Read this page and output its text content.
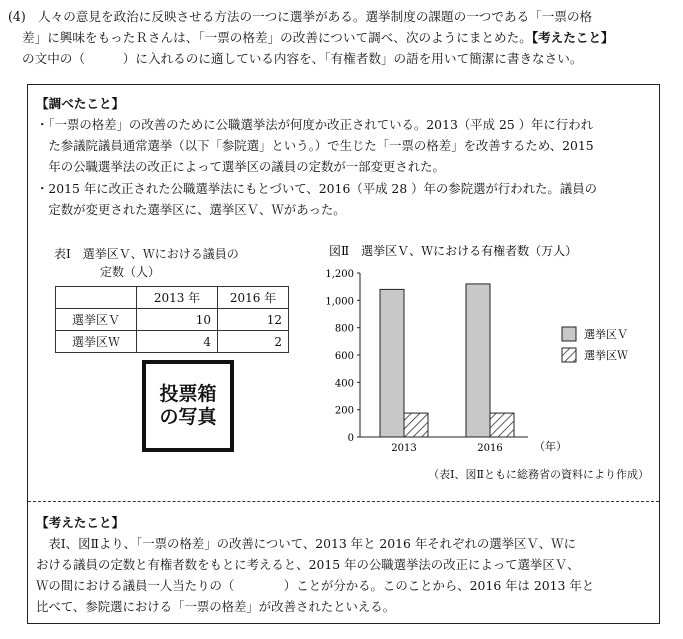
(4) 人々の意見を政治に反映させる方法の一つに選挙がある。選挙制度の課題の一つである「一票の格
差」に興味をもったＲさんは、「一票の格差」の改善について調べ、次のようにまとめた。【考えたこと】
の文中の（　　　）に入れるのに適している内容を、「有権者数」の語を用いて簡潔に書きなさい。
【調べたこと】
・「一票の格差」の改善のために公職選挙法が何度か改正されている。2013（平成 25 ）年に行われ
　た参議院議員通常選挙（以下「参院選」という。）で生じた「一票の格差」を改善するため、2015
　年の公職選挙法の改正によって選挙区の議員の定数が一部変更された。
・2015 年に改正された公職選挙法にもとづいて、2016（平成 28 ）年の参院選が行われた。議員の
　定数が変更された選挙区に、選挙区Ｖ、Ｗがあった。
表Ⅰ　選挙区Ｖ、Ｗにおける議員の
定数（人）
	2013 年	2016 年
選挙区Ｖ	10	12
選挙区Ｗ	4	2
投票箱
の写真
図Ⅱ　選挙区Ｖ、Ｗにおける有権者数（万人）
0
200
400
600
800
1,000
1,200
2013	2016	（年）
選挙区Ｖ
選挙区Ｗ
（表Ⅰ、図Ⅱともに総務省の資料により作成）
【考えたこと】
　表Ⅰ、図Ⅱより、「一票の格差」の改善について、2013 年と 2016 年それぞれの選挙区Ｖ、Ｗに
おける議員の定数と有権者数をもとに考えると、2015 年の公職選挙法の改正によって選挙区Ｖ、
Ｗの間における議員一人当たりの（　　　　）ことが分かる。このことから、2016 年は 2013 年と
比べて、参院選における「一票の格差」が改善されたといえる。
